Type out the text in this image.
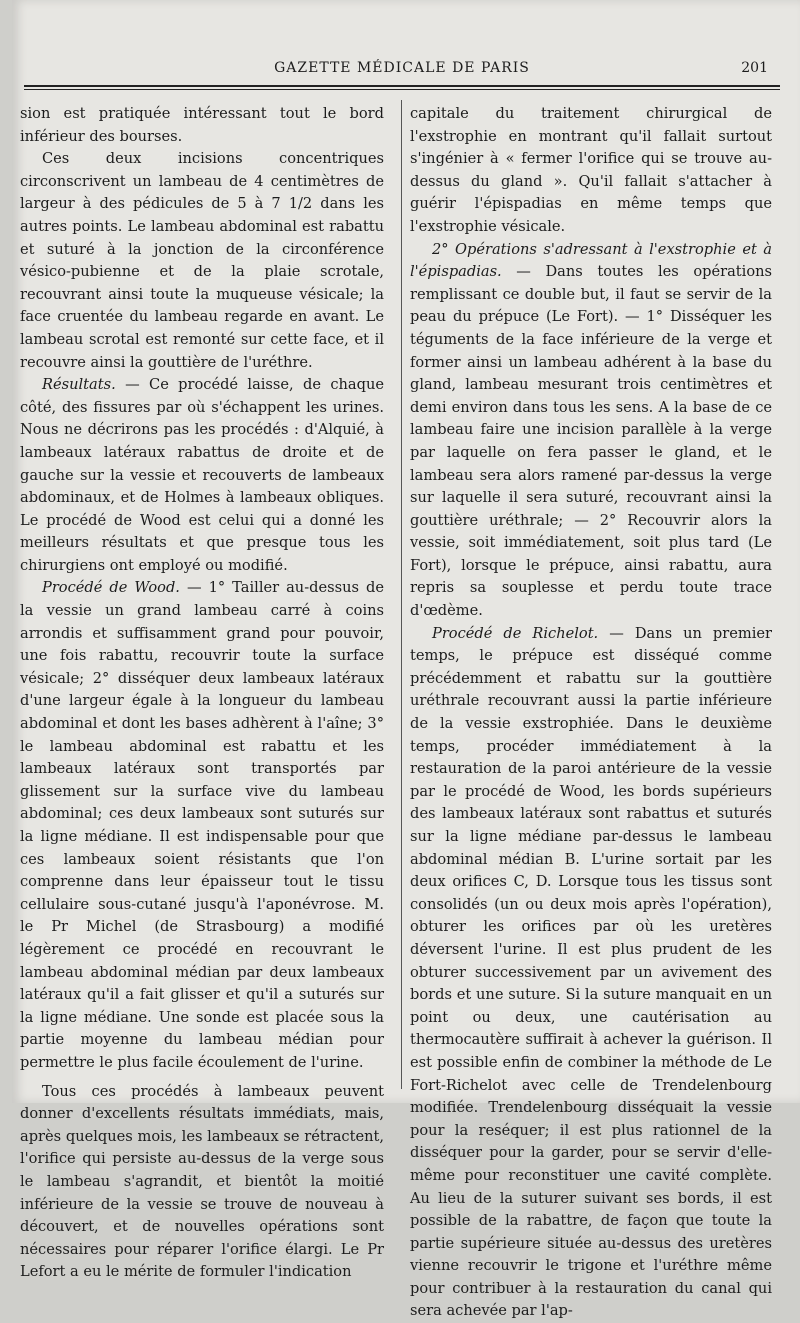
GAZETTE MÉDICALE DE PARIS	201

sion est pratiquée intéressant tout le bord inférieur des bourses.

Ces deux incisions concentriques circonscrivent un lambeau de 4 centimètres de largeur à des pédicules de 5 à 7 1/2 dans les autres points. Le lambeau abdominal est rabattu et suturé à la jonction de la circonférence vésico-pubienne et de la plaie scrotale, recouvrant ainsi toute la muqueuse vésicale; la face cruentée du lambeau regarde en avant. Le lambeau scrotal est remonté sur cette face, et il recouvre ainsi la gouttière de l'uréthre.

Résultats. — Ce procédé laisse, de chaque côté, des fissures par où s'échappent les urines. Nous ne décrirons pas les procédés : d'Alquié, à lambeaux latéraux rabattus de droite et de gauche sur la vessie et recouverts de lambeaux abdominaux, et de Holmes à lambeaux obliques. Le procédé de Wood est celui qui a donné les meilleurs résultats et que presque tous les chirurgiens ont employé ou modifié.

Procédé de Wood. — 1° Tailler au-dessus de la vessie un grand lambeau carré à coins arrondis et suffisamment grand pour pouvoir, une fois rabattu, recouvrir toute la surface vésicale; 2° disséquer deux lambeaux latéraux d'une largeur égale à la longueur du lambeau abdominal et dont les bases adhèrent à l'aîne; 3° le lambeau abdominal est rabattu et les lambeaux latéraux sont transportés par glissement sur la surface vive du lambeau abdominal; ces deux lambeaux sont suturés sur la ligne médiane. Il est indispensable pour que ces lambeaux soient résistants que l'on comprenne dans leur épaisseur tout le tissu cellulaire sous-cutané jusqu'à l'aponévrose. M. le Pr Michel (de Strasbourg) a modifié légèrement ce procédé en recouvrant le lambeau abdominal médian par deux lambeaux latéraux qu'il a fait glisser et qu'il a suturés sur la ligne médiane. Une sonde est placée sous la partie moyenne du lambeau médian pour permettre le plus facile écoulement de l'urine.

Tous ces procédés à lambeaux peuvent donner d'excellents résultats immédiats, mais, après quelques mois, les lambeaux se rétractent, l'orifice qui persiste au-dessus de la verge sous le lambeau s'agrandit, et bientôt la moitié inférieure de la vessie se trouve de nouveau à découvert, et de nouvelles opérations sont nécessaires pour réparer l'orifice élargi. Le Pr Lefort a eu le mérite de formuler l'indication

capitale du traitement chirurgical de l'exstrophie en montrant qu'il fallait surtout s'ingénier à « fermer l'orifice qui se trouve au-dessus du gland ». Qu'il fallait s'attacher à guérir l'épispadias en même temps que l'exstrophie vésicale.

2° Opérations s'adressant à l'exstrophie et à l'épispadias. — Dans toutes les opérations remplissant ce double but, il faut se servir de la peau du prépuce (Le Fort). — 1° Disséquer les téguments de la face inférieure de la verge et former ainsi un lambeau adhérent à la base du gland, lambeau mesurant trois centimètres et demi environ dans tous les sens. A la base de ce lambeau faire une incision parallèle à la verge par laquelle on fera passer le gland, et le lambeau sera alors ramené par-dessus la verge sur laquelle il sera suturé, recouvrant ainsi la gouttière uréthrale; — 2° Recouvrir alors la vessie, soit immédiatement, soit plus tard (Le Fort), lorsque le prépuce, ainsi rabattu, aura repris sa souplesse et perdu toute trace d'œdème.

Procédé de Richelot. — Dans un premier temps, le prépuce est disséqué comme précédemment et rabattu sur la gouttière uréthrale recouvrant aussi la partie inférieure de la vessie exstrophiée. Dans le deuxième temps, procéder immédiatement à la restauration de la paroi antérieure de la vessie par le procédé de Wood, les bords supérieurs des lambeaux latéraux sont rabattus et suturés sur la ligne médiane par-dessus le lambeau abdominal médian B. L'urine sortait par les deux orifices C, D. Lorsque tous les tissus sont consolidés (un ou deux mois après l'opération), obturer les orifices par où les uretères déversent l'urine. Il est plus prudent de les obturer successivement par un avivement des bords et une suture. Si la suture manquait en un point ou deux, une cautérisation au thermocautère suffirait à achever la guérison. Il est possible enfin de combiner la méthode de Le Fort-Richelot avec celle de Trendelenbourg modifiée. Trendelenbourg disséquait la vessie pour la reséquer; il est plus rationnel de la disséquer pour la garder, pour se servir d'elle-même pour reconstituer une cavité complète. Au lieu de la suturer suivant ses bords, il est possible de la rabattre, de façon que toute la partie supérieure située au-dessus des uretères vienne recouvrir le trigone et l'uréthre même pour contribuer à la restauration du canal qui sera achevée par l'ap-
